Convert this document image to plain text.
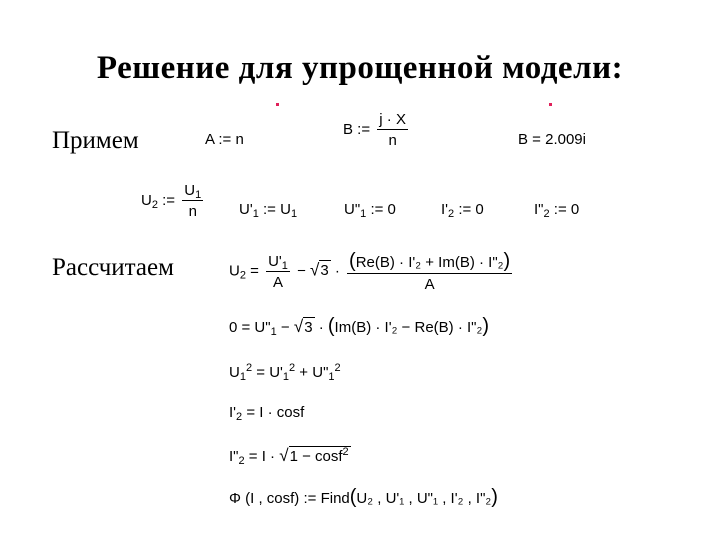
Решение для упрощенной модели:
Примем
Рассчитаем
A := n
B := $\frac{j \cdot X}{n}$	B = 2.009i
$U_2$ := $\frac{U_1}{n} U'_1$ := $U_1$	$U"_1$ := 0	$I'_2$ := 0	$I"_2$ := 0
$U_2 = \frac{U'_1}{A} - √3 \cdot \frac{\text{(Re(B) · I'₂ + Im(B) · I"₂)}}{A}$
$0 = U"_1 - √3 \cdot (Im(B) \cdot I'_2 - Re(B)$ · I"₂)
$U_1^2 = U'_1^2$ + $U"_1^2$
$I'_2 = I \cdot \cos f$
$I"_2 = I \cdot √1 - \cos f^2$
Φ (I , cosf) := Find(U₂ , U'₁ , U"₁ , I'₂ , I"₂)
